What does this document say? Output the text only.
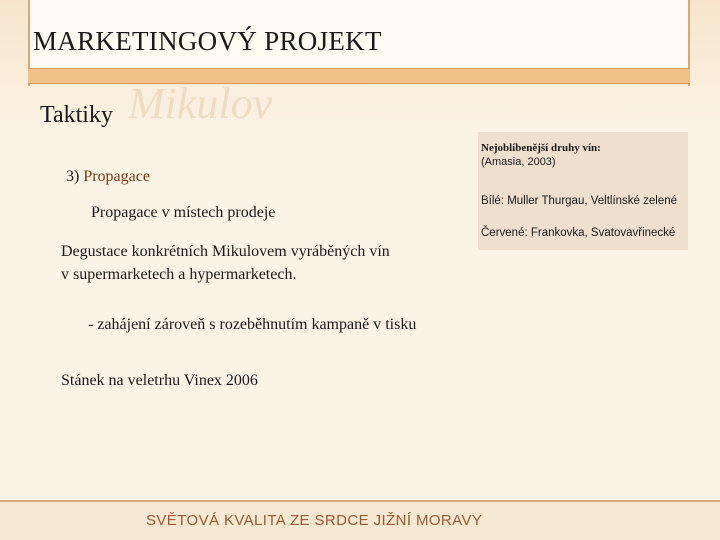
MARKETINGOVÝ PROJEKT
Mikulov
Taktiky
3) Propagace
Propagace v místech prodeje
Degustace konkrétních Mikulovem vyráběných vín
v supermarketech a hypermarketech.
- zahájení zároveň s rozeběhnutím kampaně v tisku
Stánek na veletrhu Vinex 2006
Nejoblíbenější druhy vín:
(Amasia, 2003)
Bílé: Muller Thurgau, Veltlínské zelené
Červené: Frankovka, Svatovavřinecké
SVĚTOVÁ KVALITA ZE SRDCE JIŽNÍ MORAVY
